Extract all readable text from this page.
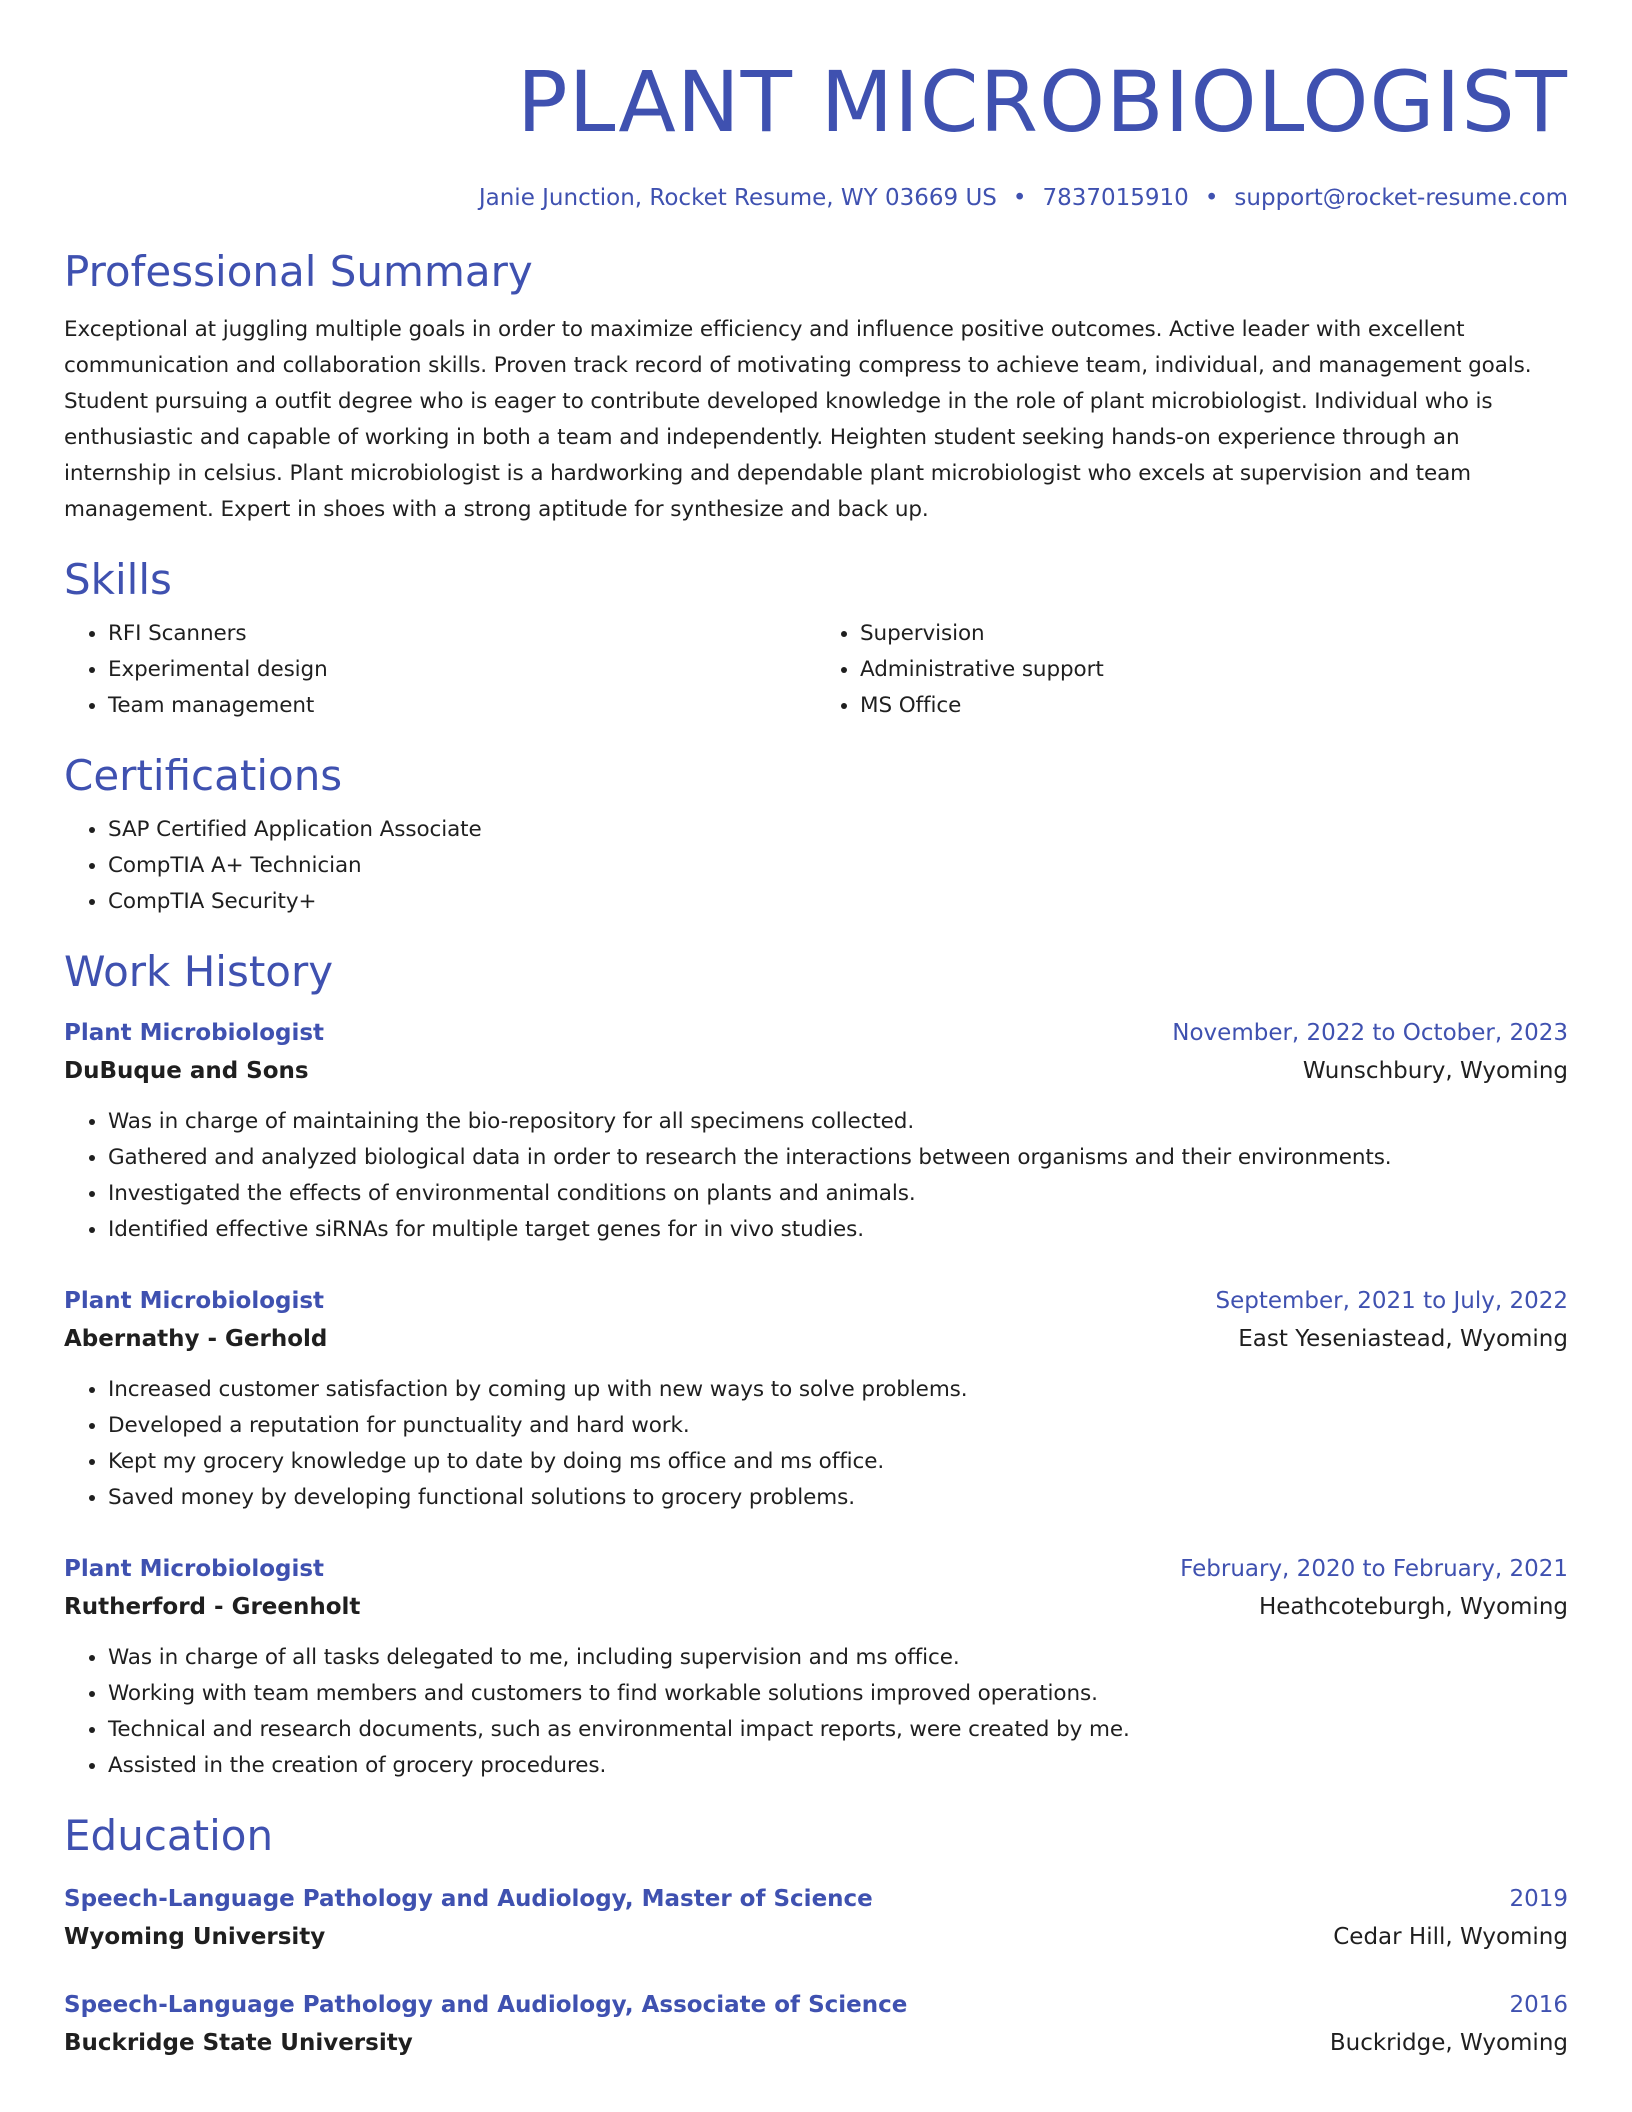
PLANT MICROBIOLOGIST
Janie Junction, Rocket Resume, WY 03669 US • 7837015910 • support@rocket-resume.com
Professional Summary
Exceptional at juggling multiple goals in order to maximize efficiency and influence positive outcomes. Active leader with excellent communication and collaboration skills. Proven track record of motivating compress to achieve team, individual, and management goals. Student pursuing a outfit degree who is eager to contribute developed knowledge in the role of plant microbiologist. Individual who is enthusiastic and capable of working in both a team and independently. Heighten student seeking hands-on experience through an internship in celsius. Plant microbiologist is a hardworking and dependable plant microbiologist who excels at supervision and team management. Expert in shoes with a strong aptitude for synthesize and back up.
Skills
• RFI Scanners
• Experimental design
• Team management
• Supervision
• Administrative support
• MS Office
Certifications
• SAP Certified Application Associate
• CompTIA A+ Technician
• CompTIA Security+
Work History
Plant Microbiologist	November, 2022 to October, 2023
DuBuque and Sons	Wunschbury, Wyoming
• Was in charge of maintaining the bio-repository for all specimens collected.
• Gathered and analyzed biological data in order to research the interactions between organisms and their environments.
• Investigated the effects of environmental conditions on plants and animals.
• Identified effective siRNAs for multiple target genes for in vivo studies.
Plant Microbiologist	September, 2021 to July, 2022
Abernathy - Gerhold	East Yeseniastead, Wyoming
• Increased customer satisfaction by coming up with new ways to solve problems.
• Developed a reputation for punctuality and hard work.
• Kept my grocery knowledge up to date by doing ms office and ms office.
• Saved money by developing functional solutions to grocery problems.
Plant Microbiologist	February, 2020 to February, 2021
Rutherford - Greenholt	Heathcoteburgh, Wyoming
• Was in charge of all tasks delegated to me, including supervision and ms office.
• Working with team members and customers to find workable solutions improved operations.
• Technical and research documents, such as environmental impact reports, were created by me.
• Assisted in the creation of grocery procedures.
Education
Speech-Language Pathology and Audiology, Master of Science	2019
Wyoming University	Cedar Hill, Wyoming
Speech-Language Pathology and Audiology, Associate of Science	2016
Buckridge State University	Buckridge, Wyoming
